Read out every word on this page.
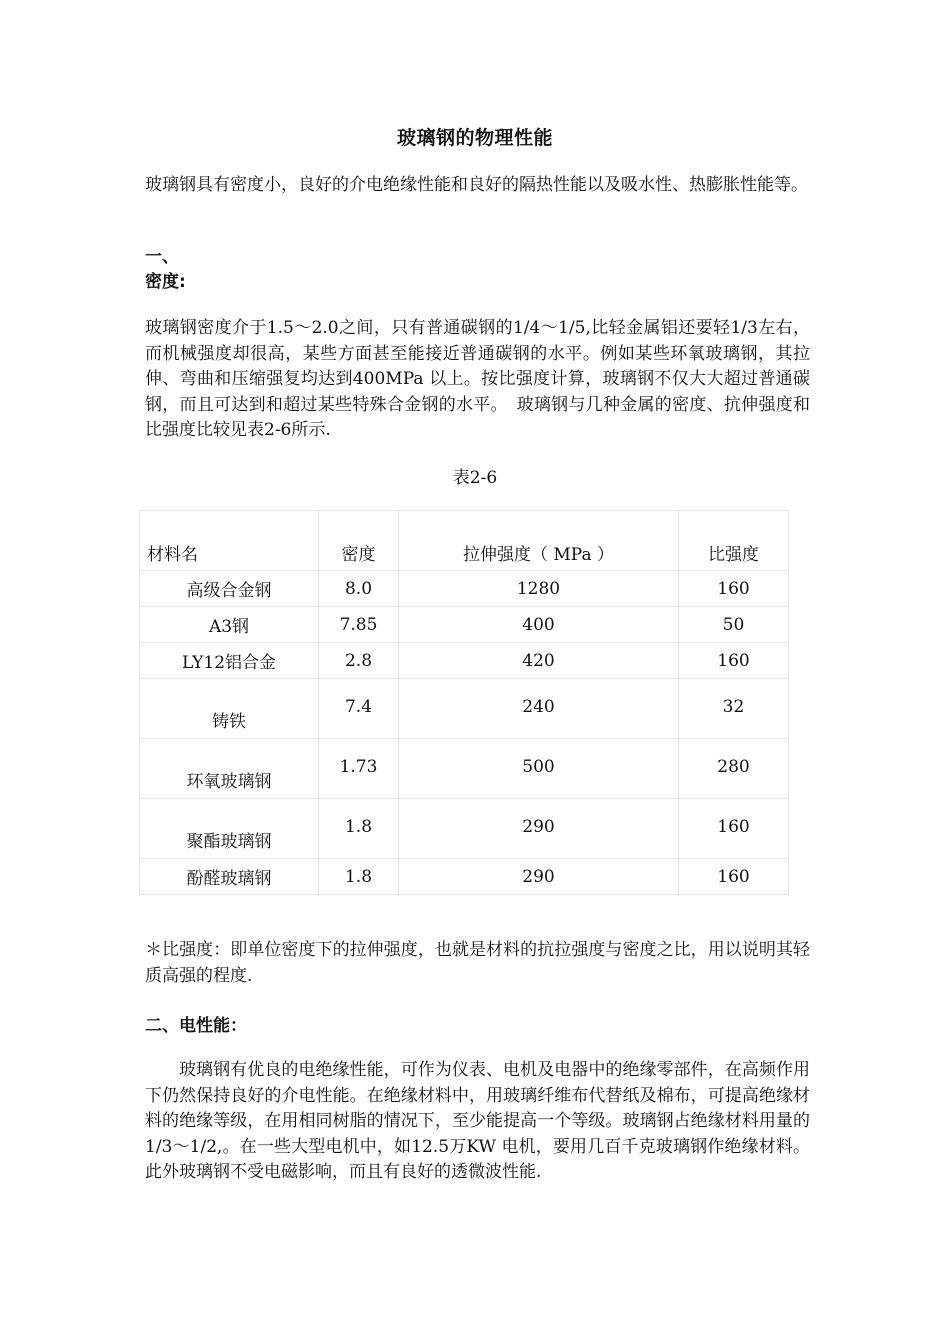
玻璃钢的物理性能

玻璃钢具有密度小，良好的介电绝缘性能和良好的隔热性能以及吸水性、热膨胀性能等。

一、
密度:

玻璃钢密度介于1.5～2.0之间，只有普通碳钢的1/4～1/5,比轻金属铝还要轻1/3左右，而机械强度却很高，某些方面甚至能接近普通碳钢的水平。例如某些环氧玻璃钢，其拉伸、弯曲和压缩强复均达到400MPa 以上。按比强度计算，玻璃钢不仅大大超过普通碳钢，而且可达到和超过某些特殊合金钢的水平。　玻璃钢与几种金属的密度、抗伸强度和比强度比较见表2-6所示.

表2-6
材料名	密度	拉伸强度（ MPa ）	比强度
高级合金钢	8.0	1280	160
A3钢	7.85	400	50
LY12铝合金	2.8	420	160
铸铁	7.4	240	32
环氧玻璃钢	1.73	500	280
聚酯玻璃钢	1.8	290	160
酚醛玻璃钢	1.8	290	160

＊比强度：即单位密度下的拉伸强度，也就是材料的抗拉强度与密度之比，用以说明其轻质高强的程度.

二、电性能：

玻璃钢有优良的电绝缘性能，可作为仪表、电机及电器中的绝缘零部件，在高频作用下仍然保持良好的介电性能。在绝缘材料中，用玻璃纤维布代替纸及棉布，可提高绝缘材料的绝缘等级，在用相同树脂的情况下，至少能提高一个等级。玻璃钢占绝缘材料用量的1/3～1/2,。在一些大型电机中，如12.5万KW 电机，要用几百千克玻璃钢作绝缘材料。此外玻璃钢不受电磁影响，而且有良好的透微波性能.
